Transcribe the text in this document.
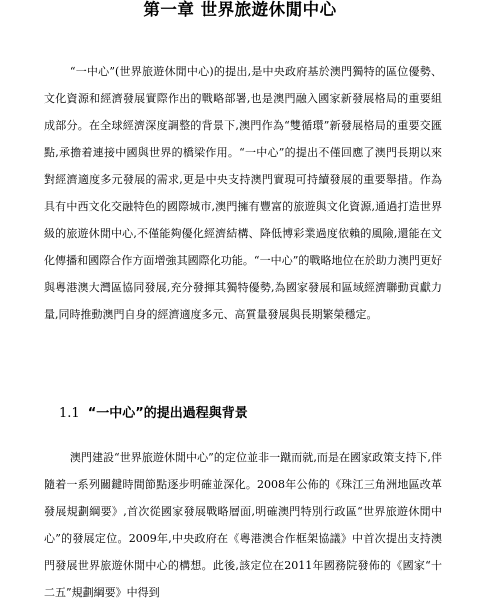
第一章 世界旅遊休閒中心

“一中心”(世界旅遊休閒中心)的提出,是中央政府基於澳門獨特的區位優勢、文化資源和經濟發展實際作出的戰略部署,也是澳門融入國家新發展格局的重要組成部分。在全球經濟深度調整的背景下,澳門作為“雙循環”新發展格局的重要交匯點,承擔着連接中國與世界的橋梁作用。“一中心”的提出不僅回應了澳門長期以來對經濟適度多元發展的需求,更是中央支持澳門實現可持續發展的重要舉措。作為具有中西文化交融特色的國際城市,澳門擁有豐富的旅遊與文化資源,通過打造世界級的旅遊休閒中心,不僅能夠優化經濟結構、降低博彩業過度依賴的風險,還能在文化傳播和國際合作方面增強其國際化功能。“一中心”的戰略地位在於助力澳門更好與粵港澳大灣區協同發展,充分發揮其獨特優勢,為國家發展和區域經濟聯動貢獻力量,同時推動澳門自身的經濟適度多元、高質量發展與長期繁榮穩定。

1.1 “一中心”的提出過程與背景

澳門建設“世界旅遊休閒中心”的定位並非一蹴而就,而是在國家政策支持下,伴隨着一系列關鍵時間節點逐步明確並深化。2008年公佈的《珠江三角洲地區改革發展規劃綱要》,首次從國家發展戰略層面,明確澳門特別行政區“世界旅遊休閒中心”的發展定位。2009年,中央政府在《粵港澳合作框架協議》中首次提出支持澳門發展世界旅遊休閒中心的構想。此後,該定位在2011年國務院發佈的《國家“十二五”規劃綱要》中得到
